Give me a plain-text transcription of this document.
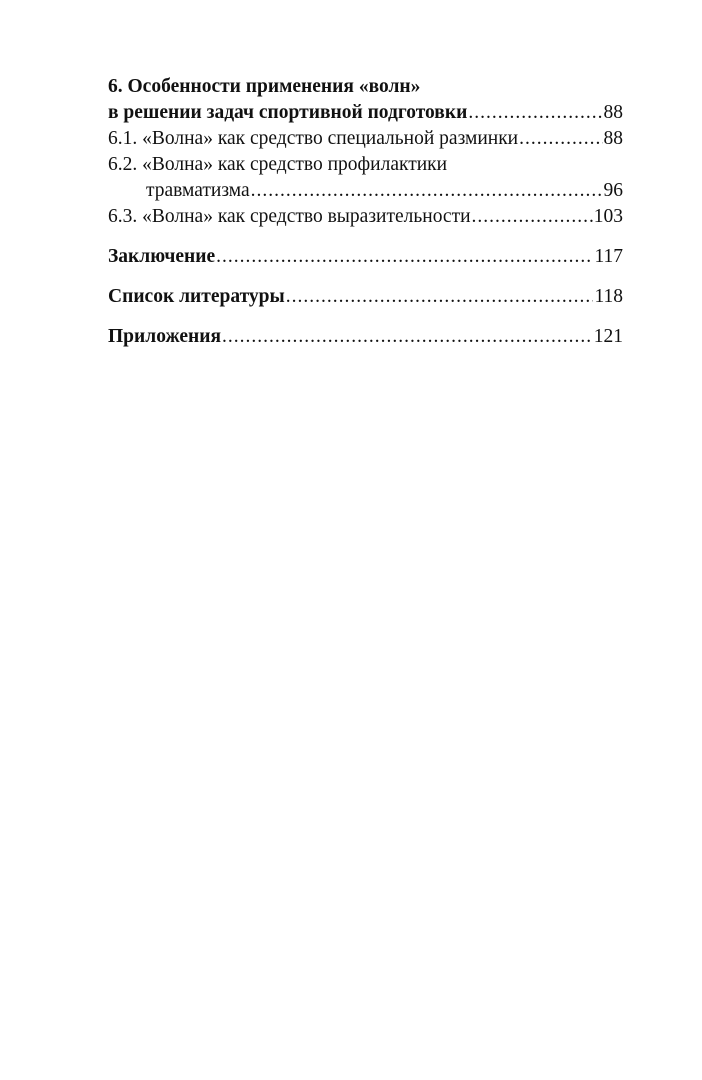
6. Особенности применения «волн»
в решении задач спортивной подготовки .....	88
6.1. «Волна» как средство специальной разминки .....	88
6.2. «Волна» как средство профилактики
травматизма .....	96
6.3. «Волна» как средство выразительности .....	103
Заключение .....	117
Список литературы .....	118
Приложения .....	121
